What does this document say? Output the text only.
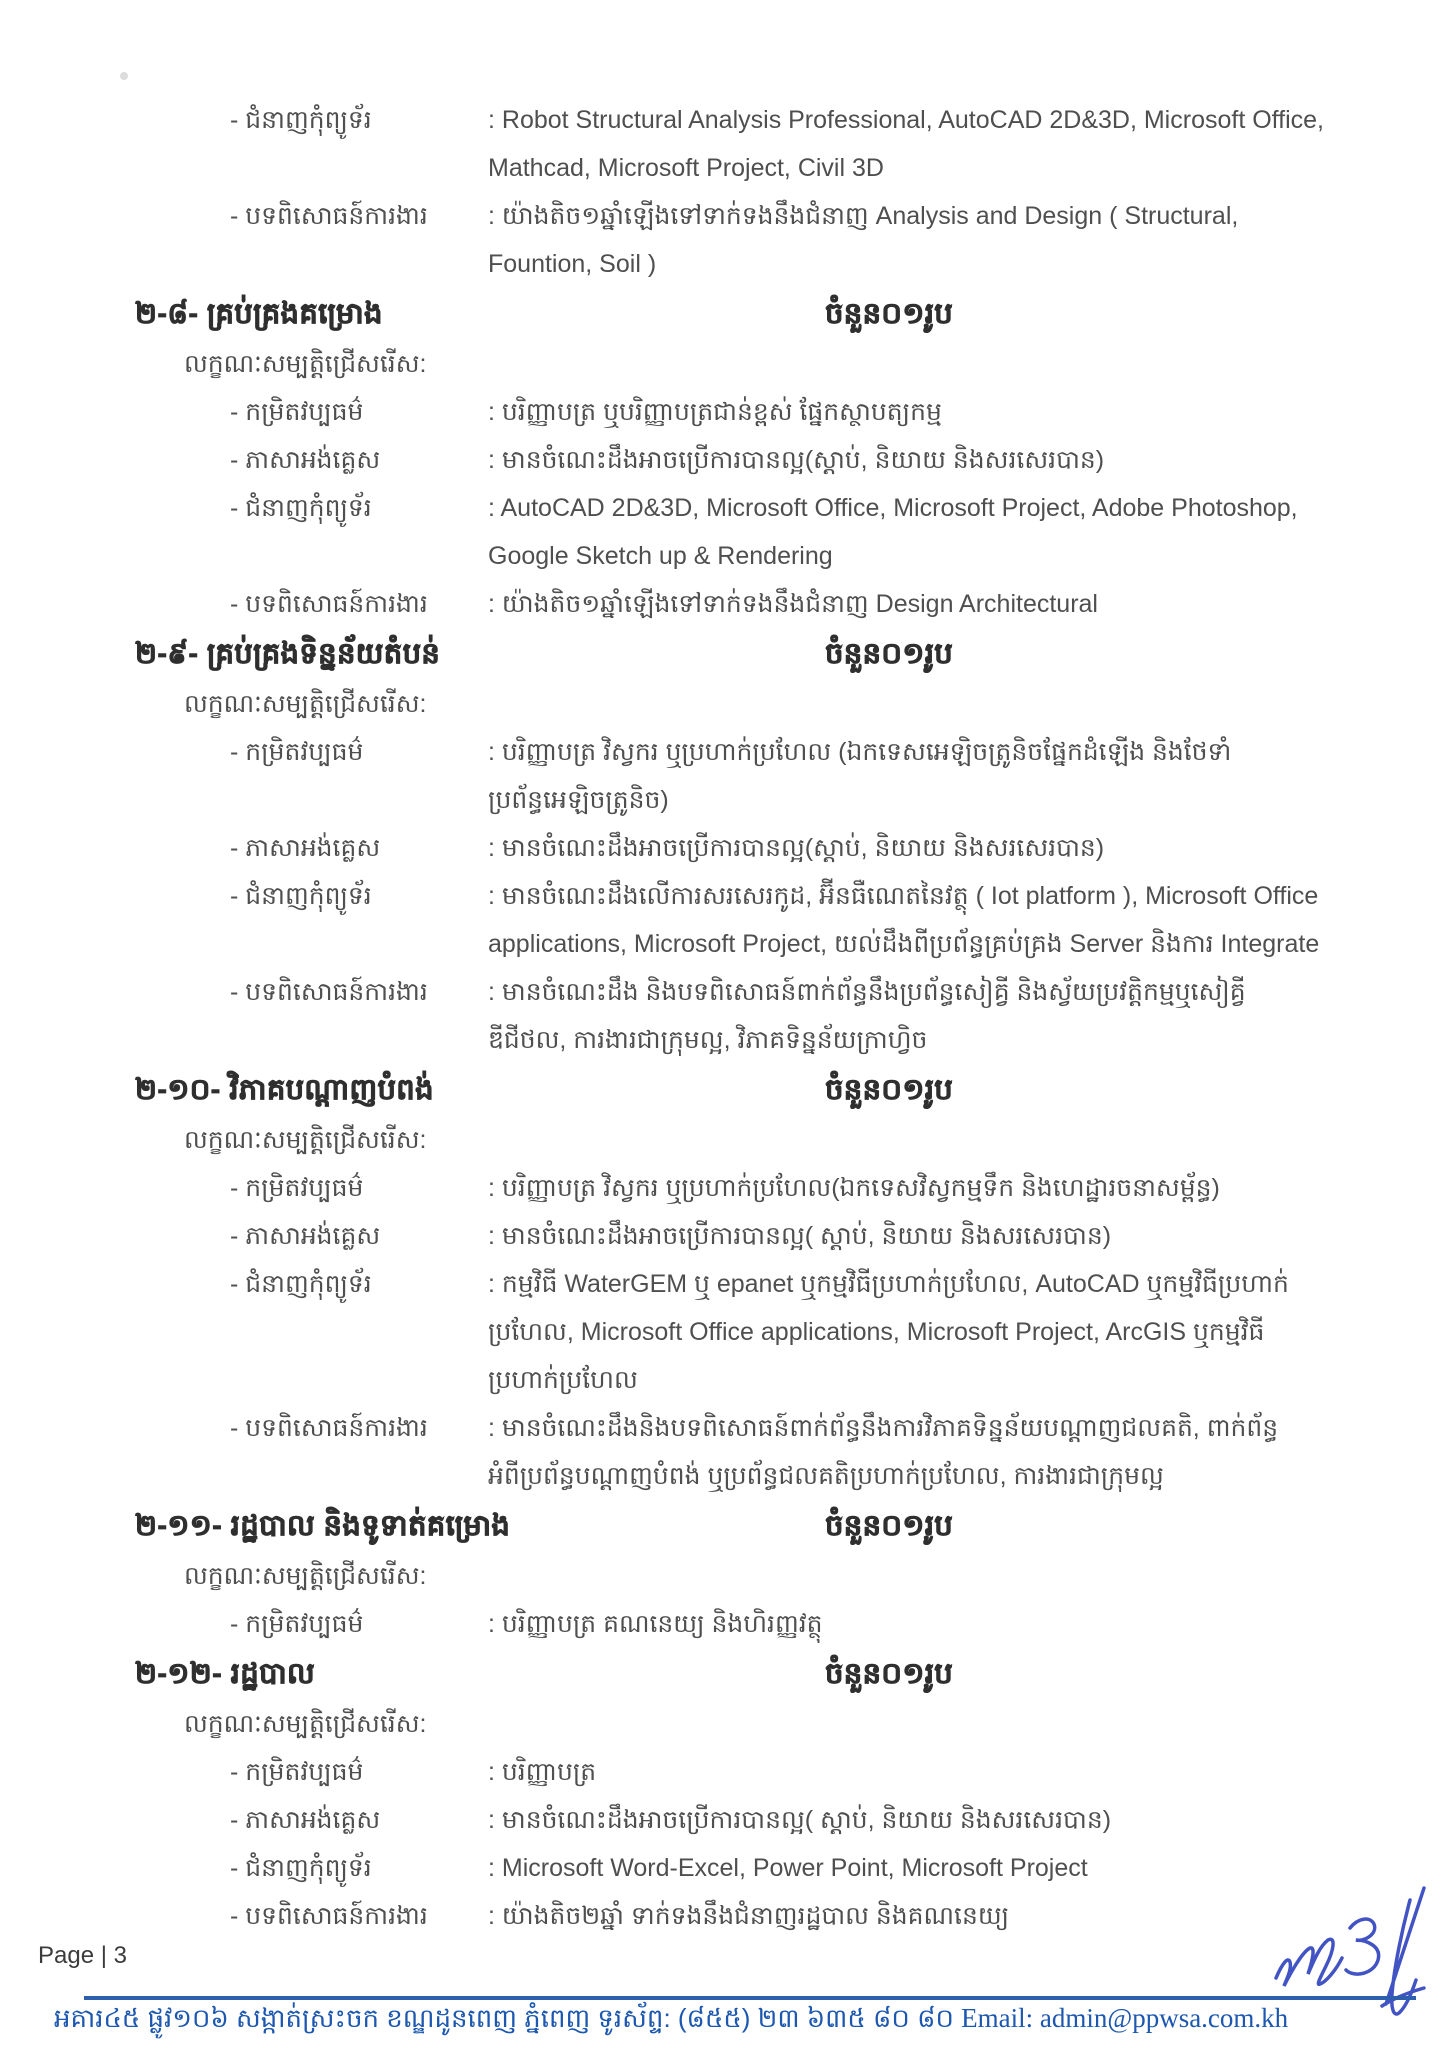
- ជំនាញកុំព្យូទ័រ	: Robot Structural Analysis Professional, AutoCAD 2D&3D, Microsoft Office,
Mathcad, Microsoft Project, Civil 3D
- បទពិសោធន៍ការងារ	: យ៉ាងតិច១ឆ្នាំឡើងទៅទាក់ទងនឹងជំនាញ Analysis and Design ( Structural,
Fountion, Soil )
២-៨- គ្រប់គ្រងគម្រោង	ចំនួន០១រូប
លក្ខណៈសម្បត្តិជ្រើសរើស:
- កម្រិតវប្បធម៌	: បរិញ្ញាបត្រ ឬបរិញ្ញាបត្រជាន់ខ្ពស់ ផ្នែកស្ថាបត្យកម្ម
- ភាសាអង់គ្លេស	: មានចំណេះដឹងអាចប្រើការបានល្អ(ស្តាប់, និយាយ និងសរសេរបាន)
- ជំនាញកុំព្យូទ័រ	: AutoCAD 2D&3D, Microsoft Office, Microsoft Project, Adobe Photoshop,
Google Sketch up & Rendering
- បទពិសោធន៍ការងារ	: យ៉ាងតិច១ឆ្នាំឡើងទៅទាក់ទងនឹងជំនាញ Design Architectural
២-៩- គ្រប់គ្រងទិន្នន័យតំបន់	ចំនួន០១រូប
លក្ខណៈសម្បត្តិជ្រើសរើស:
- កម្រិតវប្បធម៌	: បរិញ្ញាបត្រ វិស្វករ ឬប្រហាក់ប្រហែល (ឯកទេសអេឡិចត្រូនិចផ្នែកដំឡើង និងថែទាំ
ប្រព័ន្ធអេឡិចត្រូនិច)
- ភាសាអង់គ្លេស	: មានចំណេះដឹងអាចប្រើការបានល្អ(ស្តាប់, និយាយ និងសរសេរបាន)
- ជំនាញកុំព្យូទ័រ	: មានចំណេះដឹងលើការសរសេរកូដ, អ៊ីនធឺណេតនៃវត្ថុ ( Iot platform ), Microsoft Office
applications, Microsoft Project, យល់ដឹងពីប្រព័ន្ធគ្រប់គ្រង Server និងការ Integrate
- បទពិសោធន៍ការងារ	: មានចំណេះដឹង និងបទពិសោធន៍ពាក់ព័ន្ធនឹងប្រព័ន្ធសៀគ្វី និងស្វ័យប្រវត្តិកម្មឬសៀគ្វី
ឌីជីថល, ការងារជាក្រុមល្អ, វិភាគទិន្នន័យក្រាហ្វិច
២-១០- វិភាគបណ្តាញបំពង់	ចំនួន០១រូប
លក្ខណៈសម្បត្តិជ្រើសរើស:
- កម្រិតវប្បធម៌	: បរិញ្ញាបត្រ វិស្វករ ឬប្រហាក់ប្រហែល(ឯកទេសវិស្វកម្មទឹក និងហេដ្ឋារចនាសម្ព័ន្ធ)
- ភាសាអង់គ្លេស	: មានចំណេះដឹងអាចប្រើការបានល្អ( ស្តាប់, និយាយ និងសរសេរបាន)
- ជំនាញកុំព្យូទ័រ	: កម្មវិធី WaterGEM ឬ epanet ឬកម្មវិធីប្រហាក់ប្រហែល, AutoCAD ឬកម្មវិធីប្រហាក់
ប្រហែល, Microsoft Office applications, Microsoft Project, ArcGIS ឬកម្មវិធី
ប្រហាក់ប្រហែល
- បទពិសោធន៍ការងារ	: មានចំណេះដឹងនិងបទពិសោធន៍ពាក់ព័ន្ធនឹងការវិភាគទិន្នន័យបណ្តាញជលគតិ, ពាក់ព័ន្ធ
អំពីប្រព័ន្ធបណ្តាញបំពង់ ឬប្រព័ន្ធជលគតិប្រហាក់ប្រហែល, ការងារជាក្រុមល្អ
២-១១- រដ្ឋបាល និងទូទាត់គម្រោង	ចំនួន០១រូប
លក្ខណៈសម្បត្តិជ្រើសរើស:
- កម្រិតវប្បធម៌	: បរិញ្ញាបត្រ គណនេយ្យ និងហិរញ្ញវត្ថុ
២-១២- រដ្ឋបាល	ចំនួន០១រូប
លក្ខណៈសម្បត្តិជ្រើសរើស:
- កម្រិតវប្បធម៌	: បរិញ្ញាបត្រ
- ភាសាអង់គ្លេស	: មានចំណេះដឹងអាចប្រើការបានល្អ( ស្តាប់, និយាយ និងសរសេរបាន)
- ជំនាញកុំព្យូទ័រ	: Microsoft Word-Excel, Power Point, Microsoft Project
- បទពិសោធន៍ការងារ	: យ៉ាងតិច២ឆ្នាំ ទាក់ទងនឹងជំនាញរដ្ឋបាល និងគណនេយ្យ
Page | 3
អគារ៤៥ ផ្លូវ១០៦ សង្កាត់ស្រះចក ខណ្ឌដូនពេញ ភ្នំពេញ ទូរស័ព្ទ: (៨៥៥) ២៣ ៦៣៥ ៨០ ៨០ Email: admin@ppwsa.com.kh
